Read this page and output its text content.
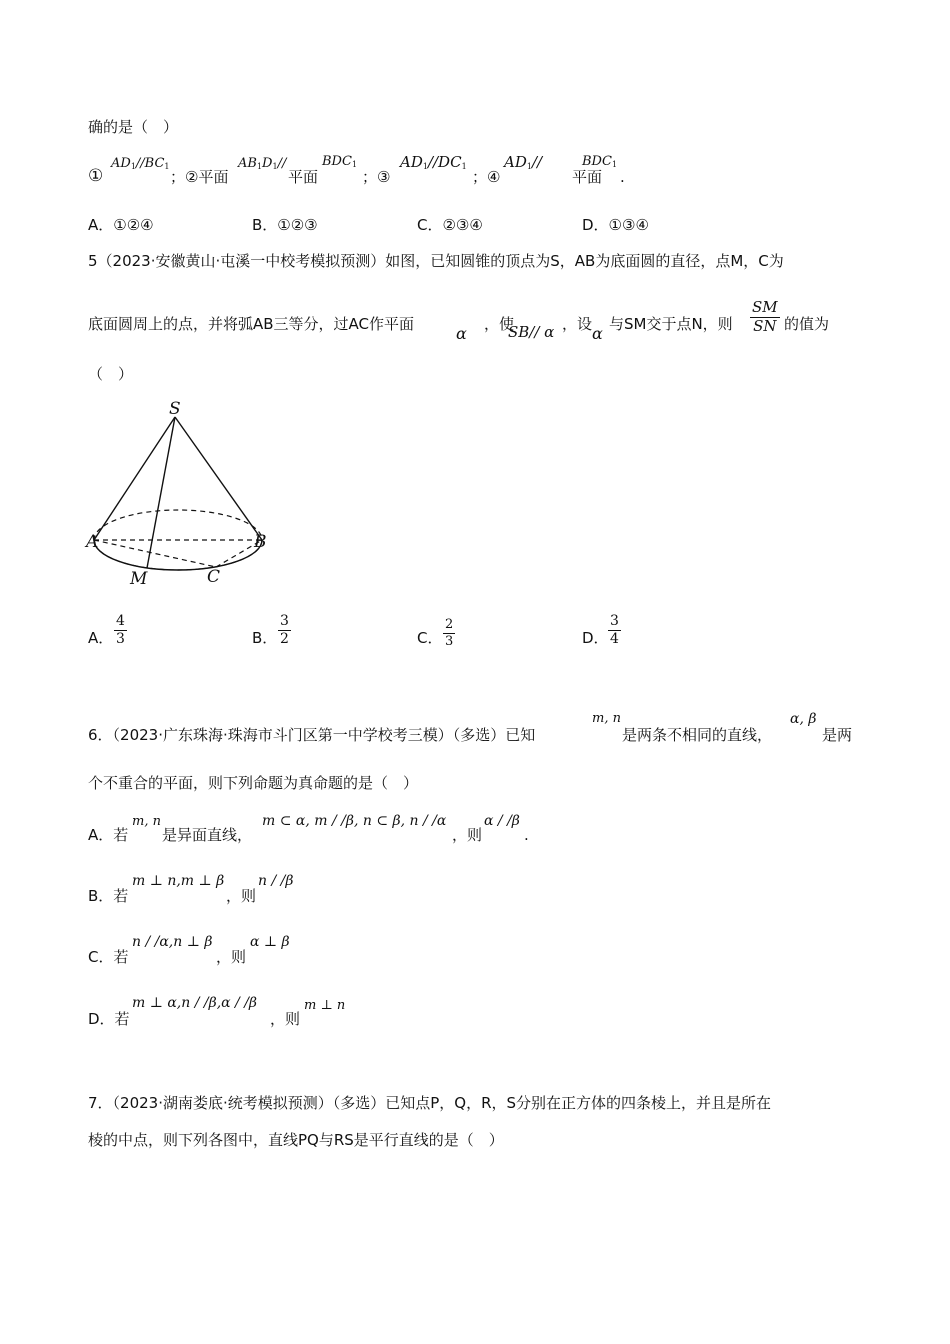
确的是（　）
①
$AD_1//BC_1$
；②平面
$AB_1D_1//$
平面
$BDC_1$
；③
$AD_1//DC_1$
；④
$AD_1//$
平面
$BDC_1$
.
A．①②④	B．①②③	C．②③④	D．①③④
5（2023·安徽黄山·屯溪一中校考模拟预测）如图，已知圆锥的顶点为S，AB为底面圆的直径，点M，C为
底面圆周上的点，并将弧AB三等分，过AC作平面	α ，使
SB// α ，设 α 与SM交于点N，则
SM
SN 的值为
（　）
S
A	B
M	C
A．
4
3	B．
3
2	C．
2
3	D．
3
4
6．（2023·广东珠海·珠海市斗门区第一中学校考三模）（多选）已知
m, n
是两条不相同的直线，
α, β
是两
个不重合的平面，则下列命题为真命题的是（　）
A．若
m, n
是异面直线，
m ⊂ α, m / /β, n ⊂ β, n / /α
，则
α / /β
.
B．若
m ⊥ n,m ⊥ β
，则
n / /β
C．若
n / /α,n ⊥ β
，则
α ⊥ β
D．若
m ⊥ α,n / /β,α / /β
，则
m ⊥ n
7．（2023·湖南娄底·统考模拟预测）（多选）已知点P，Q，R，S分别在正方体的四条棱上，并且是所在
棱的中点，则下列各图中，直线PQ与RS是平行直线的是（　）
